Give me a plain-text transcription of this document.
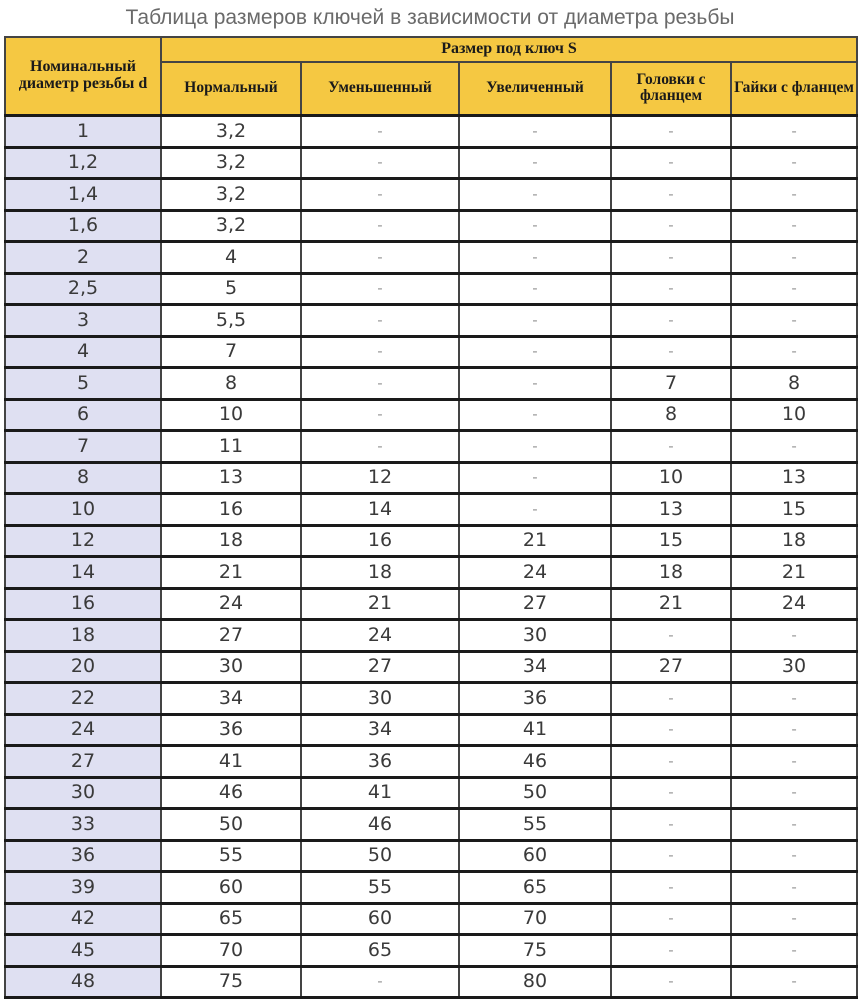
Таблица размеров ключей в зависимости от диаметра резьбы
Номинальный диаметр резьбы d	Размер под ключ S				
	Нормальный	Уменьшенный	Увеличенный	Головки с фланцем	Гайки с фланцем
1	3,2	-	-	-	-
1,2	3,2	-	-	-	-
1,4	3,2	-	-	-	-
1,6	3,2	-	-	-	-
2	4	-	-	-	-
2,5	5	-	-	-	-
3	5,5	-	-	-	-
4	7	-	-	-	-
5	8	-	-	7	8
6	10	-	-	8	10
7	11	-	-	-	-
8	13	12	-	10	13
10	16	14	-	13	15
12	18	16	21	15	18
14	21	18	24	18	21
16	24	21	27	21	24
18	27	24	30	-	-
20	30	27	34	27	30
22	34	30	36	-	-
24	36	34	41	-	-
27	41	36	46	-	-
30	46	41	50	-	-
33	50	46	55	-	-
36	55	50	60	-	-
39	60	55	65	-	-
42	65	60	70	-	-
45	70	65	75	-	-
48	75	-	80	-	-
